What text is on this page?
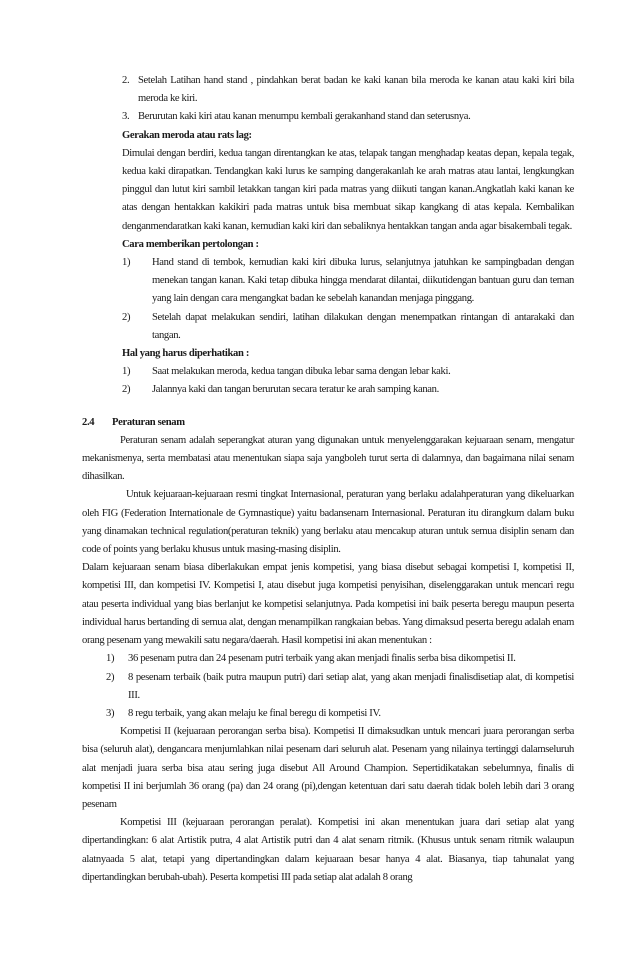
2. Setelah Latihan hand stand , pindahkan berat badan ke kaki kanan bila meroda ke kanan atau kaki kiri bila meroda ke kiri.
3. Berurutan kaki kiri atau kanan menumpu kembali gerakanhand stand dan seterusnya.

Gerakan meroda atau rats lag:

Dimulai dengan berdiri, kedua tangan direntangkan ke atas, telapak tangan menghadap keatas depan, kepala tegak, kedua kaki dirapatkan. Tendangkan kaki lurus ke samping dangerakanlah ke arah matras atau lantai, lengkungkan pinggul dan lutut kiri sambil letakkan tangan kiri pada matras yang diikuti tangan kanan.Angkatlah kaki kanan ke atas dengan hentakkan kakikiri pada matras untuk bisa membuat sikap kangkang di atas kepala. Kembalikan denganmendaratkan kaki kanan, kemudian kaki kiri dan sebaliknya hentakkan tangan anda agar bisakembali tegak.

Cara memberikan pertolongan :

1)	Hand stand di tembok, kemudian kaki kiri dibuka lurus, selanjutnya jatuhkan ke sampingbadan dengan menekan tangan kanan. Kaki tetap dibuka hingga mendarat dilantai, diikutidengan bantuan guru dan teman yang lain dengan cara mengangkat badan ke sebelah kanandan menjaga pinggang.
2)	Setelah dapat melakukan sendiri, latihan dilakukan dengan menempatkan rintangan di antarakaki dan tangan.

Hal yang harus diperhatikan :

1)	Saat melakukan meroda, kedua tangan dibuka lebar sama dengan lebar kaki.
2)	Jalannya kaki dan tangan berurutan secara teratur ke arah samping kanan.
2.4	Peraturan senam

Peraturan senam adalah seperangkat aturan yang digunakan untuk menyelenggarakan kejuaraan senam, mengatur mekanismenya, serta membatasi atau menentukan siapa saja yangboleh turut serta di dalamnya, dan bagaimana nilai senam dihasilkan.

Untuk kejuaraan-kejuaraan resmi tingkat Internasional, peraturan yang berlaku adalahperaturan yang dikeluarkan oleh FIG (Federation Internationale de Gymnastique) yaitu badansenam Internasional. Peraturan itu dirangkum dalam buku yang dinamakan technical regulation(peraturan teknik) yang berlaku atau mencakup aturan untuk semua disiplin senam dan code of points yang berlaku khusus untuk masing-masing disiplin.

Dalam kejuaraan senam biasa diberlakukan empat jenis kompetisi, yang biasa disebut sebagai kompetisi I, kompetisi II, kompetisi III, dan kompetisi IV. Kompetisi I, atau disebut juga kompetisi penyisihan, diselenggarakan untuk mencari regu atau peserta individual yang bias berlanjut ke kompetisi selanjutnya. Pada kompetisi ini baik peserta beregu maupun peserta individual harus bertanding di semua alat, dengan menampilkan rangkaian bebas. Yang dimaksud peserta beregu adalah enam orang pesenam yang mewakili satu negara/daerah. Hasil kompetisi ini akan menentukan :

1)	36 pesenam putra dan 24 pesenam putri terbaik yang akan menjadi finalis serba bisa dikompetisi II.
2)	8 pesenam terbaik (baik putra maupun putri) dari setiap alat, yang akan menjadi finalisdisetiap alat, di kompetisi III.
3)	8 regu terbaik, yang akan melaju ke final beregu di kompetisi IV.

Kompetisi II (kejuaraan perorangan serba bisa). Kompetisi II dimaksudkan untuk mencari juara perorangan serba bisa (seluruh alat), dengancara menjumlahkan nilai pesenam dari seluruh alat. Pesenam yang nilainya tertinggi dalamseluruh alat menjadi juara serba bisa atau sering juga disebut All Around Champion. Sepertidikatakan sebelumnya, finalis di kompetisi II ini berjumlah 36 orang (pa) dan 24 orang (pi),dengan ketentuan dari satu daerah tidak boleh lebih dari 3 orang pesenam

Kompetisi III (kejuaraan perorangan peralat). Kompetisi ini akan menentukan juara dari setiap alat yang dipertandingkan: 6 alat Artistik putra, 4 alat Artistik putri dan 4 alat senam ritmik. (Khusus untuk senam ritmik walaupun alatnyaada 5 alat, tetapi yang dipertandingkan dalam kejuaraan besar hanya 4 alat. Biasanya, tiap tahunalat yang dipertandingkan berubah-ubah). Peserta kompetisi III pada setiap alat adalah 8 orang
